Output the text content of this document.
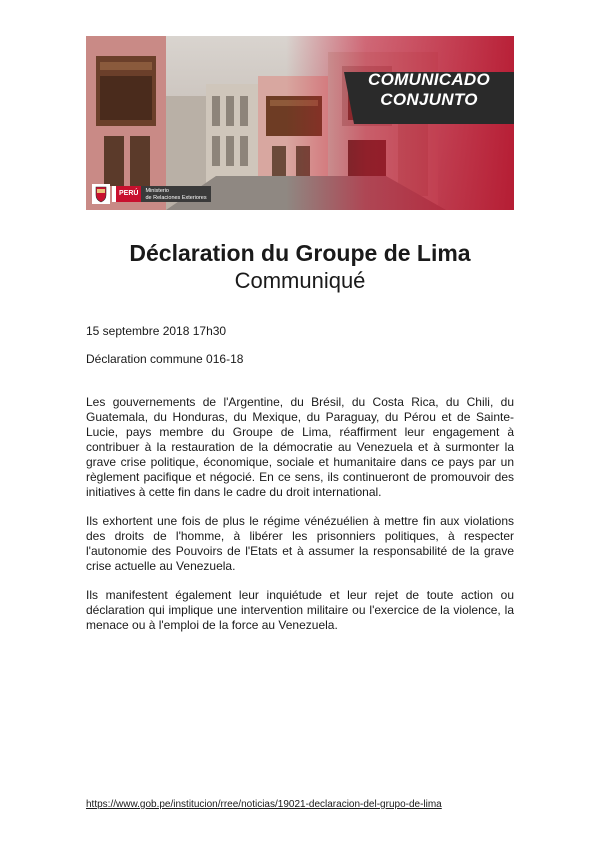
COMUNICADO
CONJUNTO
PERÚ	Ministerio
de Relaciones Exteriores
Déclaration du Groupe de Lima
Communiqué
15 septembre 2018 17h30
Déclaration commune 016-18

Les gouvernements de l'Argentine, du Brésil, du Costa Rica, du Chili, du Guatemala, du Honduras, du Mexique, du Paraguay, du Pérou et de Sainte-Lucie, pays membre du Groupe de Lima, réaffirment leur engagement à contribuer à la restauration de la démocratie au Venezuela et à surmonter la grave crise politique, économique, sociale et humanitaire dans ce pays par un règlement pacifique et négocié. En ce sens, ils continueront de promouvoir des initiatives à cette fin dans le cadre du droit international.

Ils exhortent une fois de plus le régime vénézuélien à mettre fin aux violations des droits de l'homme, à libérer les prisonniers politiques, à respecter l'autonomie des Pouvoirs de l'Etats et à assumer la responsabilité de la grave crise actuelle au Venezuela.

Ils manifestent également leur inquiétude et leur rejet de toute action ou déclaration qui implique une intervention militaire ou l'exercice de la violence, la menace ou à l'emploi de la force au Venezuela.

https://www.gob.pe/institucion/rree/noticias/19021-declaracion-del-grupo-de-lima
